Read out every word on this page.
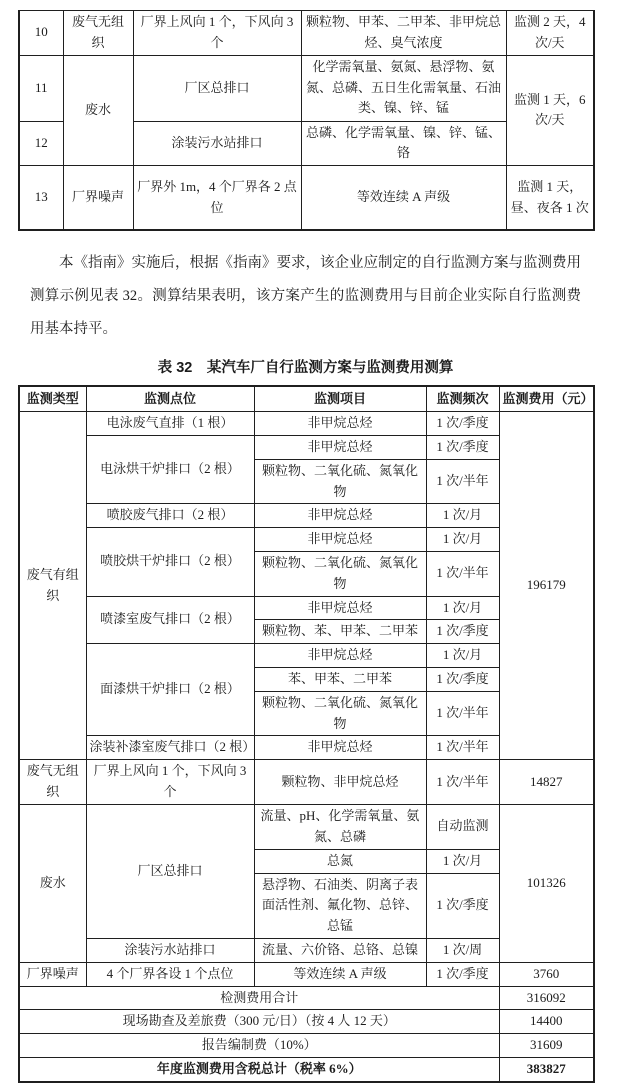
10	废气无组织	厂界上风向 1 个，下风向 3 个	颗粒物、甲苯、二甲苯、非甲烷总烃、臭气浓度	监测 2 天，4 次/天
11	废水	厂区总排口	化学需氧量、氨氮、悬浮物、氨氮、总磷、五日生化需氧量、石油类、镍、锌、锰	监测 1 天，6 次/天
12		涂装污水站排口	总磷、化学需氧量、镍、锌、锰、铬	
13	厂界噪声	厂界外 1m，4 个厂界各 2 点位	等效连续 A 声级	监测 1 天，昼、夜各 1 次

本《指南》实施后，根据《指南》要求，该企业应制定的自行监测方案与监测费用测算示例见表 32。测算结果表明，该方案产生的监测费用与目前企业实际自行监测费用基本持平。

表 32　某汽车厂自行监测方案与监测费用测算
监测类型	监测点位	监测项目	监测频次	监测费用（元）
废气有组织	电泳废气直排（1 根）	非甲烷总烃	1 次/季度	196179
	电泳烘干炉排口（2 根）	非甲烷总烃	1 次/季度	
		颗粒物、二氧化硫、氮氧化物	1 次/半年	
	喷胶废气排口（2 根）	非甲烷总烃	1 次/月	
	喷胶烘干炉排口（2 根）	非甲烷总烃	1 次/月	
		颗粒物、二氧化硫、氮氧化物	1 次/半年	
	喷漆室废气排口（2 根）	非甲烷总烃	1 次/月	
		颗粒物、苯、甲苯、二甲苯	1 次/季度	
	面漆烘干炉排口（2 根）	非甲烷总烃	1 次/月	
		苯、甲苯、二甲苯	1 次/季度	
		颗粒物、二氧化硫、氮氧化物	1 次/半年	
	涂装补漆室废气排口（2 根）	非甲烷总烃	1 次/半年	
废气无组织	厂界上风向 1 个，下风向 3 个	颗粒物、非甲烷总烃	1 次/半年	14827
废水	厂区总排口	流量、pH、化学需氧量、氨氮、总磷	自动监测	101326
		总氮	1 次/月	
		悬浮物、石油类、阴离子表面活性剂、氟化物、总锌、总锰	1 次/季度	
	涂装污水站排口	流量、六价铬、总铬、总镍	1 次/周	
厂界噪声	4 个厂界各设 1 个点位	等效连续 A 声级	1 次/季度	3760
检测费用合计				316092
现场勘查及差旅费（300 元/日）（按 4 人 12 天）				14400
报告编制费（10%）				31609
年度监测费用含税总计（税率 6%）				383827
